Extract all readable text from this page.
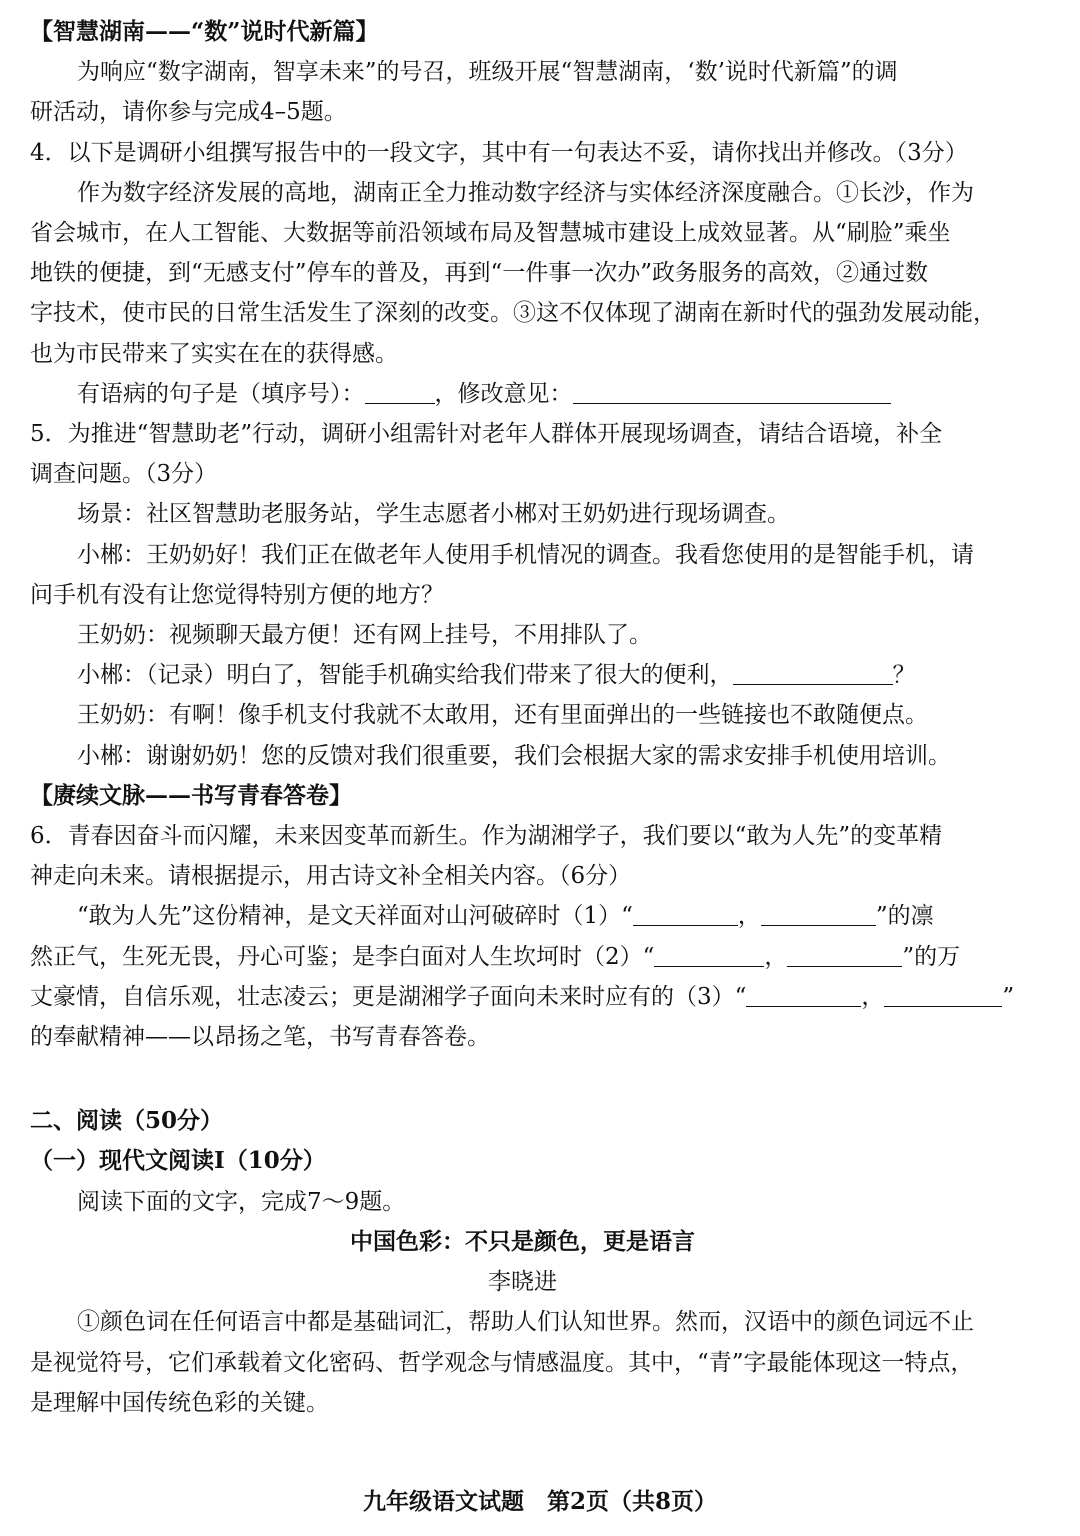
【智慧湖南——“数”说时代新篇】
为响应“数字湖南，智享未来”的号召，班级开展“智慧湖南，‘数’说时代新篇”的调
研活动，请你参与完成4–5题。
4．以下是调研小组撰写报告中的一段文字，其中有一句表达不妥，请你找出并修改。（3分）
作为数字经济发展的高地，湖南正全力推动数字经济与实体经济深度融合。①长沙，作为
省会城市，在人工智能、大数据等前沿领域布局及智慧城市建设上成效显著。从“刷脸”乘坐
地铁的便捷，到“无感支付”停车的普及，再到“一件事一次办”政务服务的高效，②通过数
字技术，使市民的日常生活发生了深刻的改变。③这不仅体现了湖南在新时代的强劲发展动能，
也为市民带来了实实在在的获得感。
有语病的句子是（填序号）：	，修改意见：
5．为推进“智慧助老”行动，调研小组需针对老年人群体开展现场调查，请结合语境，补全
调查问题。（3分）
场景：社区智慧助老服务站，学生志愿者小郴对王奶奶进行现场调查。
小郴：王奶奶好！我们正在做老年人使用手机情况的调查。我看您使用的是智能手机，请
问手机有没有让您觉得特别方便的地方？
王奶奶：视频聊天最方便！还有网上挂号，不用排队了。
小郴：（记录）明白了，智能手机确实给我们带来了很大的便利，	？
王奶奶：有啊！像手机支付我就不太敢用，还有里面弹出的一些链接也不敢随便点。
小郴：谢谢奶奶！您的反馈对我们很重要，我们会根据大家的需求安排手机使用培训。
【赓续文脉——书写青春答卷】
6．青春因奋斗而闪耀，未来因变革而新生。作为湖湘学子，我们要以“敢为人先”的变革精
神走向未来。请根据提示，用古诗文补全相关内容。（6分）
“敢为人先”这份精神，是文天祥面对山河破碎时（1）“	，	”的凛
然正气，生死无畏，丹心可鉴；是李白面对人生坎坷时（2）“	，	”的万
丈豪情，自信乐观，壮志凌云；更是湖湘学子面向未来时应有的（3）“	，	”
的奉献精神——以昂扬之笔，书写青春答卷。
二、阅读（50分）
（一）现代文阅读Ⅰ（10分）
阅读下面的文字，完成7～9题。
中国色彩：不只是颜色，更是语言
李晓进
①颜色词在任何语言中都是基础词汇，帮助人们认知世界。然而，汉语中的颜色词远不止
是视觉符号，它们承载着文化密码、哲学观念与情感温度。其中，“青”字最能体现这一特点，
是理解中国传统色彩的关键。
九年级语文试题　第2页（共8页）
